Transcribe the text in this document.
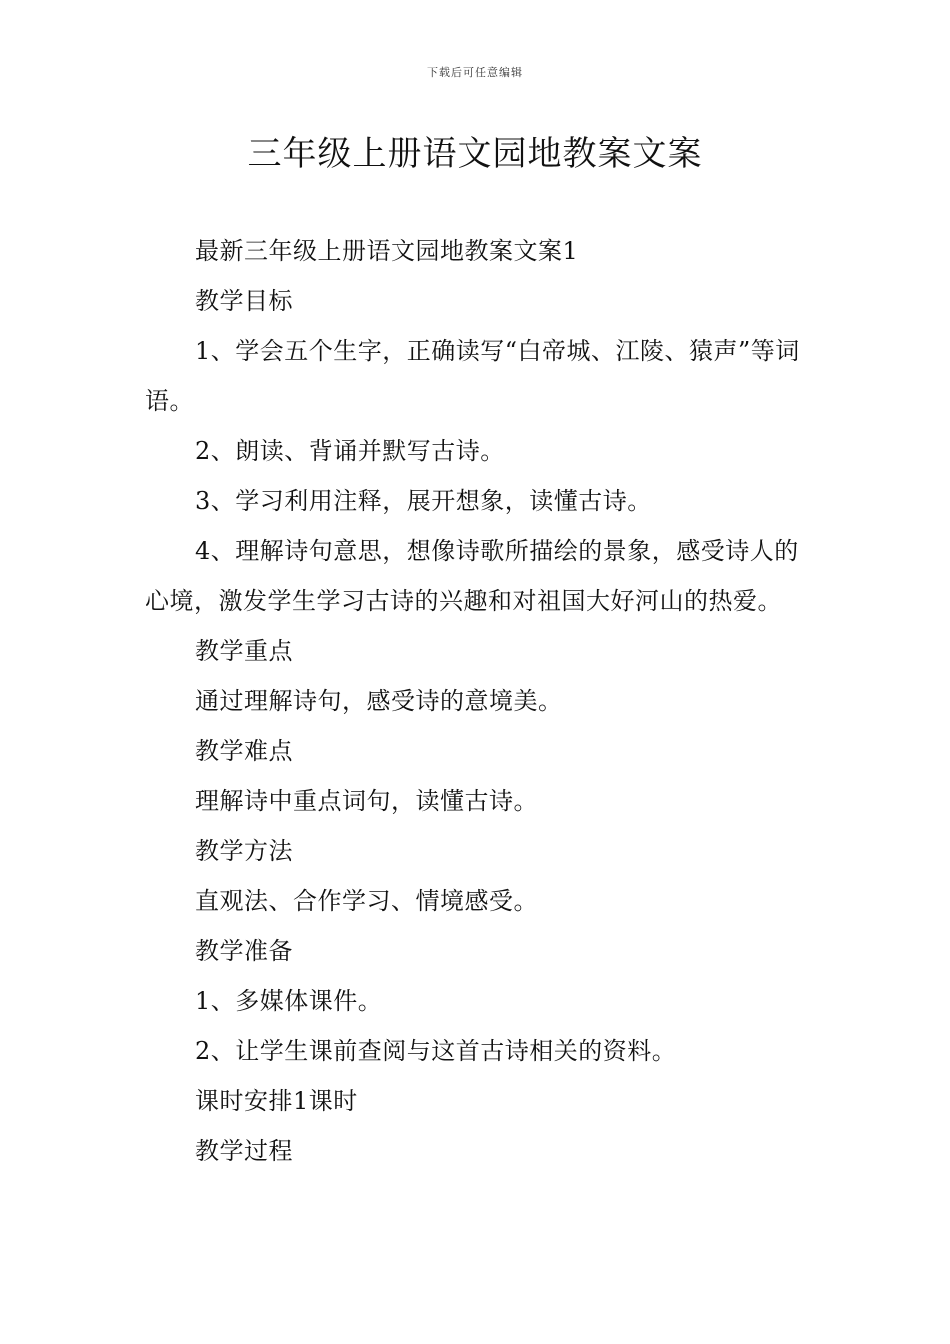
下载后可任意编辑
三年级上册语文园地教案文案

最新三年级上册语文园地教案文案1

教学目标

1、学会五个生字，正确读写“白帝城、江陵、猿声”等词语。

2、朗读、背诵并默写古诗。

3、学习利用注释，展开想象，读懂古诗。

4、理解诗句意思，想像诗歌所描绘的景象，感受诗人的心境，激发学生学习古诗的兴趣和对祖国大好河山的热爱。

教学重点

通过理解诗句，感受诗的意境美。

教学难点

理解诗中重点词句，读懂古诗。

教学方法

直观法、合作学习、情境感受。

教学准备

1、多媒体课件。

2、让学生课前查阅与这首古诗相关的资料。

课时安排1课时

教学过程
